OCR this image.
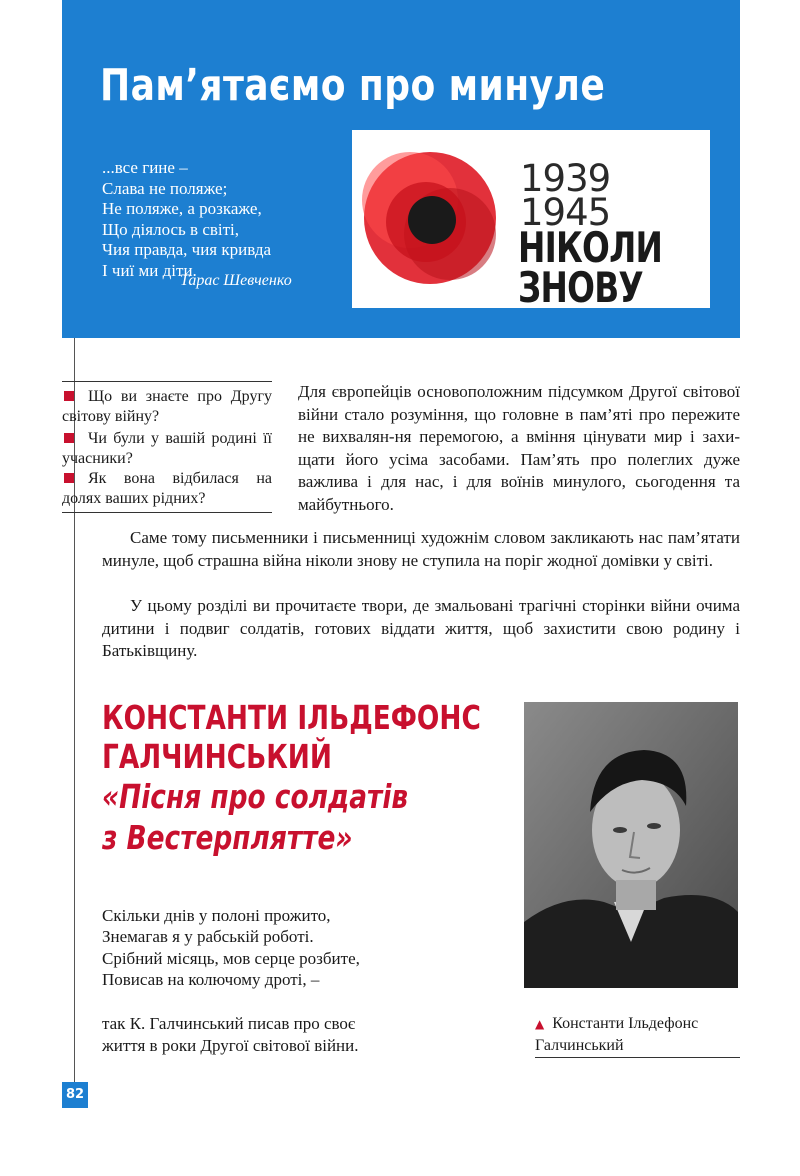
Пам’ятаємо про минуле
...все гине –
Слава не поляже;
Не поляже, а розкаже,
Що діялось в світі,
Чия правда, чия кривда
І чиї ми діти.
Тарас Шевченко
1939
1945
НІКОЛИ
ЗНОВУ
Що ви знаєте про Другу світову війну?
Чи були у вашій родині її учасники?
Як вона відбилася на долях ваших рідних?
Для європейців основоположним підсумком Другої світової війни стало розуміння, що головне в пам’яті про пережите не вихвалян-ня перемогою, а вміння цінувати мир і захи-щати його усіма засобами. Пам’ять про полеглих дуже важлива і для нас, і для воїнів минулого, сьогодення та майбутнього.
Саме тому письменники і письменниці художнім словом закликають нас пам’ятати минуле, щоб страшна війна ніколи знову не ступила на поріг жодної домівки у світі.
У цьому розділі ви прочитаєте твори, де змальовані трагічні сторінки війни очима дитини і подвиг солдатів, готових віддати життя, щоб захистити свою родину і Батьківщину.
КОНСТАНТИ ІЛЬДЕФОНС
ГАЛЧИНСЬКИЙ
«Пісня про солдатів
з Вестерплятте»
Скільки днів у полоні прожито,
Знемагав я у рабській роботі.
Срібний місяць, мов серце розбите,
Повисав на колючому дроті, –
так К. Галчинський писав про своє
життя в роки Другої світової війни.
▲ Константи Ільдефонс
Галчинський
82
